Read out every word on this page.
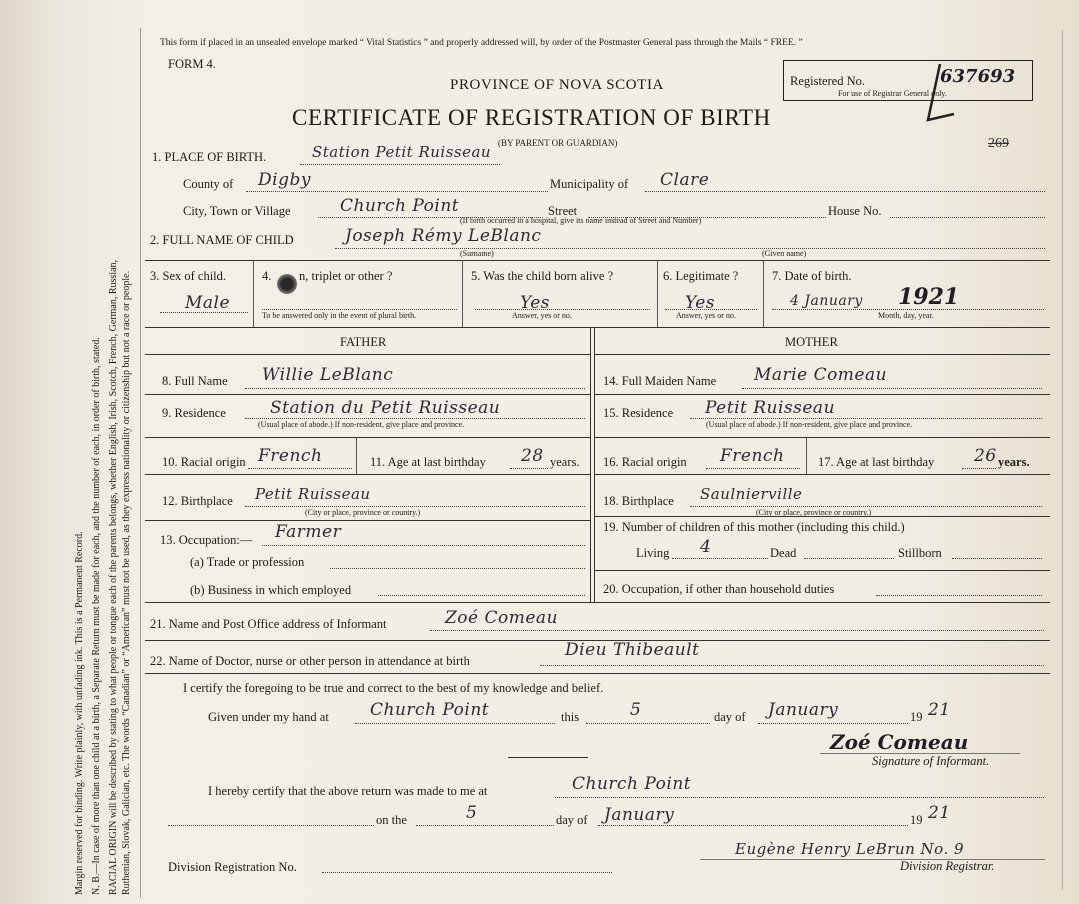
Margin reserved for binding. Write plainly, with unfading ink. This is a Permanent Record. N. B.—In case of more than one child at a birth, a Separate Return must be made for each, and the number of each, in order of birth, stated. RACIAL ORIGIN will be described by stating to what people or tongue each of the parents belongs, whether English, Irish, Scotch, French, German, Russian, Ruthenian, Slovak, Galician, etc. The words “Canadian” or “American” must not be used, as they express nationality or citizenship but not a race or people.
This form if placed in an unsealed envelope marked “ Vital Statistics ” and properly addressed will, by order of the Postmaster General pass through the Mails “ FREE. ”
FORM 4.
PROVINCE OF NOVA SCOTIA
CERTIFICATE OF REGISTRATION OF BIRTH
(BY PARENT OR GUARDIAN)
Registered No.	637693
For use of Registrar General only.
269
1. PLACE OF BIRTH.	Station Petit Ruisseau
County of Digby	Municipality of Clare
City, Town or Village	Church Point	Street	House No.
(If birth occurred in a hospital, give its name instead of Street and Number)
2. FULL NAME OF CHILD	Joseph Rémy LeBlanc
(Surname)	(Given name)
3. Sex of child.
Male
4. n, triplet or other ?
To be answered only in the event of plural birth.
5. Was the child born alive ?
Yes
Answer, yes or no.
6. Legitimate ?
Yes
Answer, yes or no.
7. Date of birth.
4 January 1921
Month, day, year.
FATHER	MOTHER
8. Full Name Willie LeBlanc
9. Residence	Station du Petit Ruisseau
(Usual place of abode.) If non-resident, give place and province.
10. Racial origin French	11. Age at last birthday 28 years.
12. Birthplace Petit Ruisseau
(City or place, province or country.)
13. Occupation:— Farmer
(a) Trade or profession
(b) Business in which employed
14. Full Maiden Name Marie Comeau
15. Residence Petit Ruisseau
(Usual place of abode.) If non-resident, give place and province.
16. Racial origin French	17. Age at last birthday 26 years.
18. Birthplace Saulnierville
(City or place, province or country.)
19. Number of children of this mother (including this child.)
Living 4	Dead	Stillborn
20. Occupation, if other than household duties
21. Name and Post Office address of Informant	Zoé Comeau
22. Name of Doctor, nurse or other person in attendance at birth
Dieu Thibeault
I certify the foregoing to be true and correct to the best of my knowledge and belief.
Given under my hand at Church Point	this	5	day of January	19 21
Zoé Comeau
Signature of Informant.
I hereby certify that the above return was made to me at	Church Point
on the	5	day of January	19 21
Division Registration No.
Eugène Henry LeBrun No. 9
Division Registrar.
